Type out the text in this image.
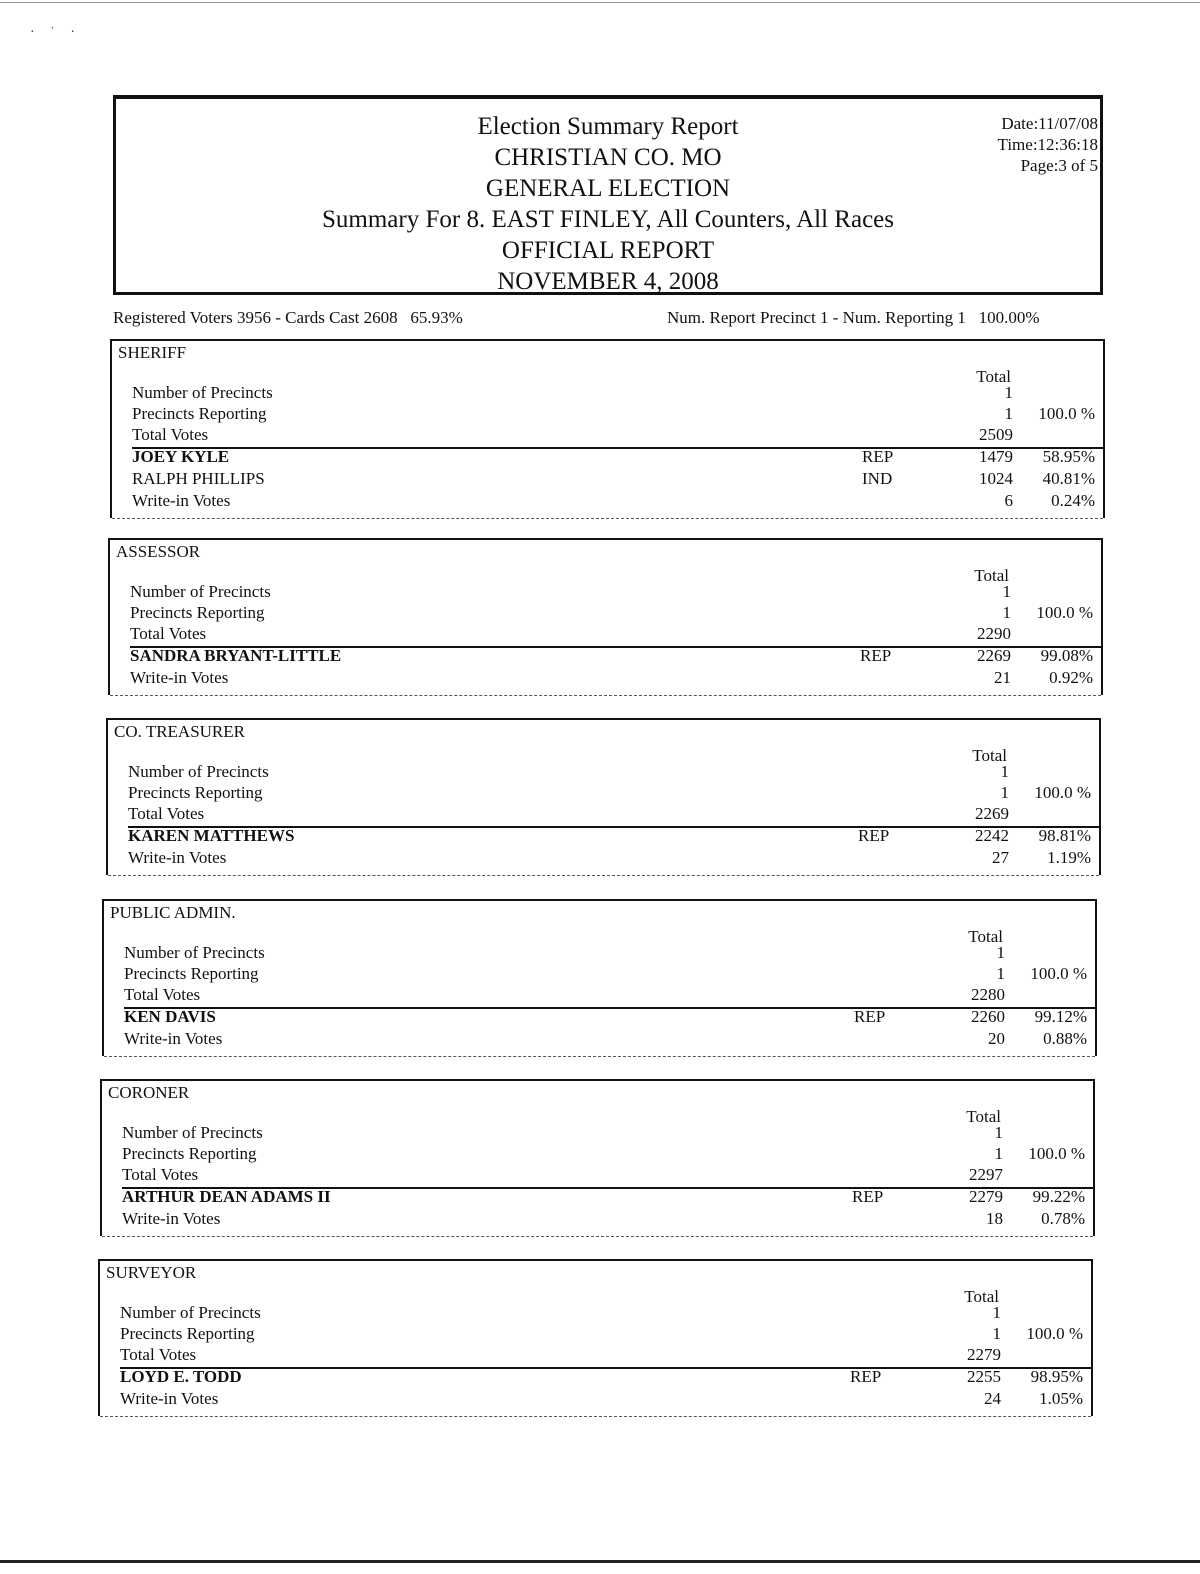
· ˙ ·
Election Summary Report
CHRISTIAN CO. MO
GENERAL ELECTION
Summary For 8. EAST FINLEY, All Counters, All Races
OFFICIAL REPORT
NOVEMBER 4, 2008
Date:11/07/08
Time:12:36:18
Page:3 of 5
Registered Voters 3956 - Cards Cast 2608 65.93%	Num. Report Precinct 1 - Num. Reporting 1 100.00%
SHERIFF
Total
Number of Precincts	1
Precincts Reporting	1 100.0 %
Total Votes	2509
JOEY KYLE	REP	1479 58.95%
RALPH PHILLIPS	IND	1024 40.81%
Write-in Votes	6 0.24%
ASSESSOR
Total
Number of Precincts	1
Precincts Reporting	1 100.0 %
Total Votes	2290
SANDRA BRYANT-LITTLE	REP	2269 99.08%
Write-in Votes	21 0.92%
CO. TREASURER
Total
Number of Precincts	1
Precincts Reporting	1 100.0 %
Total Votes	2269
KAREN MATTHEWS	REP	2242 98.81%
Write-in Votes	27 1.19%
PUBLIC ADMIN.
Total
Number of Precincts	1
Precincts Reporting	1 100.0 %
Total Votes	2280
KEN DAVIS	REP	2260 99.12%
Write-in Votes	20 0.88%
CORONER
Total
Number of Precincts	1
Precincts Reporting	1 100.0 %
Total Votes	2297
ARTHUR DEAN ADAMS II	REP	2279 99.22%
Write-in Votes	18 0.78%
SURVEYOR
Total
Number of Precincts	1
Precincts Reporting	1 100.0 %
Total Votes	2279
LOYD E. TODD	REP	2255 98.95%
Write-in Votes	24 1.05%
